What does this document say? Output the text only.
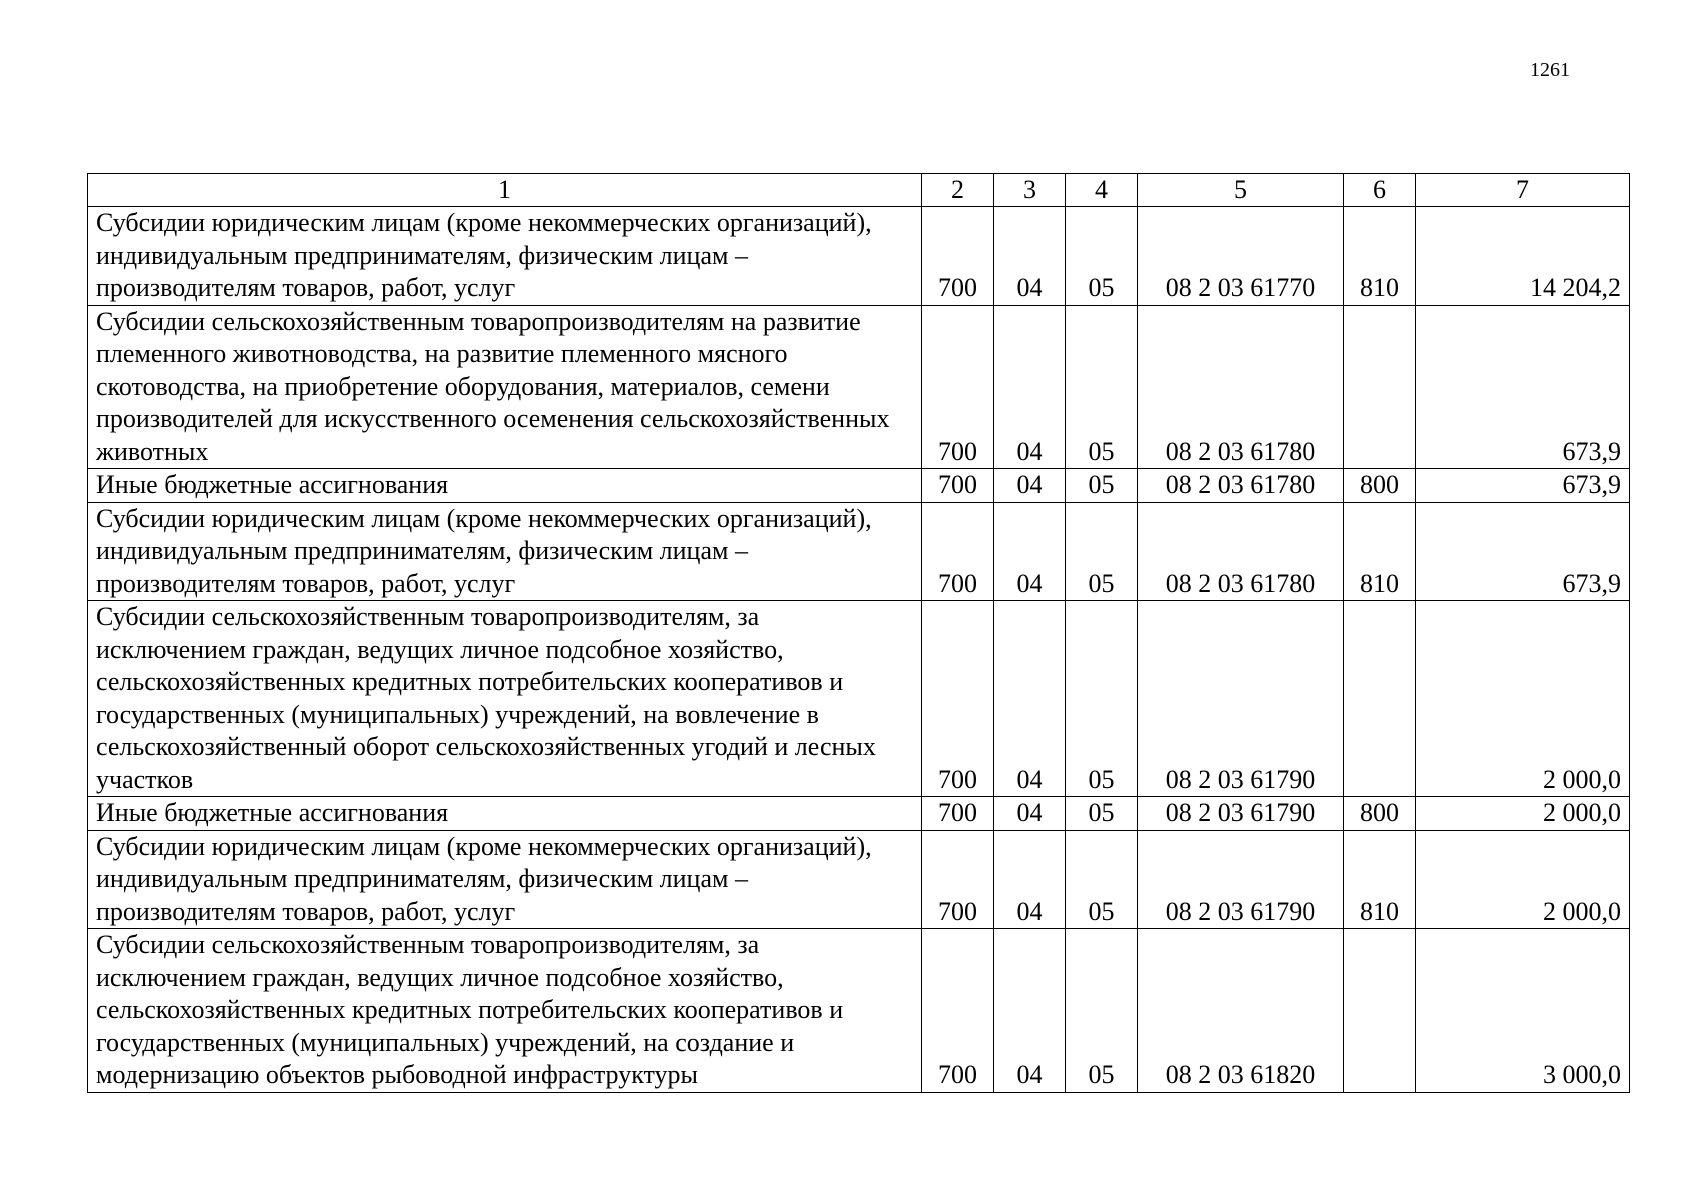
1261
1	2	3	4	5	6	7
Субсидии юридическим лицам (кроме некоммерческих организаций), индивидуальным предпринимателям, физическим лицам – производителям товаров, работ, услуг	700	04	05	08 2 03 61770	810	14 204,2
Субсидии сельскохозяйственным товаропроизводителям на развитие племенного животноводства, на развитие племенного мясного скотоводства, на приобретение оборудования, материалов, семени производителей для искусственного осеменения сельскохозяйственных животных	700	04	05	08 2 03 61780		673,9
Иные бюджетные ассигнования	700	04	05	08 2 03 61780	800	673,9
Субсидии юридическим лицам (кроме некоммерческих организаций), индивидуальным предпринимателям, физическим лицам – производителям товаров, работ, услуг	700	04	05	08 2 03 61780	810	673,9
Субсидии сельскохозяйственным товаропроизводителям, за исключением граждан, ведущих личное подсобное хозяйство, сельскохозяйственных кредитных потребительских кооперативов и государственных (муниципальных) учреждений, на вовлечение в сельскохозяйственный оборот сельскохозяйственных угодий и лесных участков	700	04	05	08 2 03 61790		2 000,0
Иные бюджетные ассигнования	700	04	05	08 2 03 61790	800	2 000,0
Субсидии юридическим лицам (кроме некоммерческих организаций), индивидуальным предпринимателям, физическим лицам – производителям товаров, работ, услуг	700	04	05	08 2 03 61790	810	2 000,0
Субсидии сельскохозяйственным товаропроизводителям, за исключением граждан, ведущих личное подсобное хозяйство, сельскохозяйственных кредитных потребительских кооперативов и государственных (муниципальных) учреждений, на создание и модернизацию объектов рыбоводной инфраструктуры	700	04	05	08 2 03 61820		3 000,0
